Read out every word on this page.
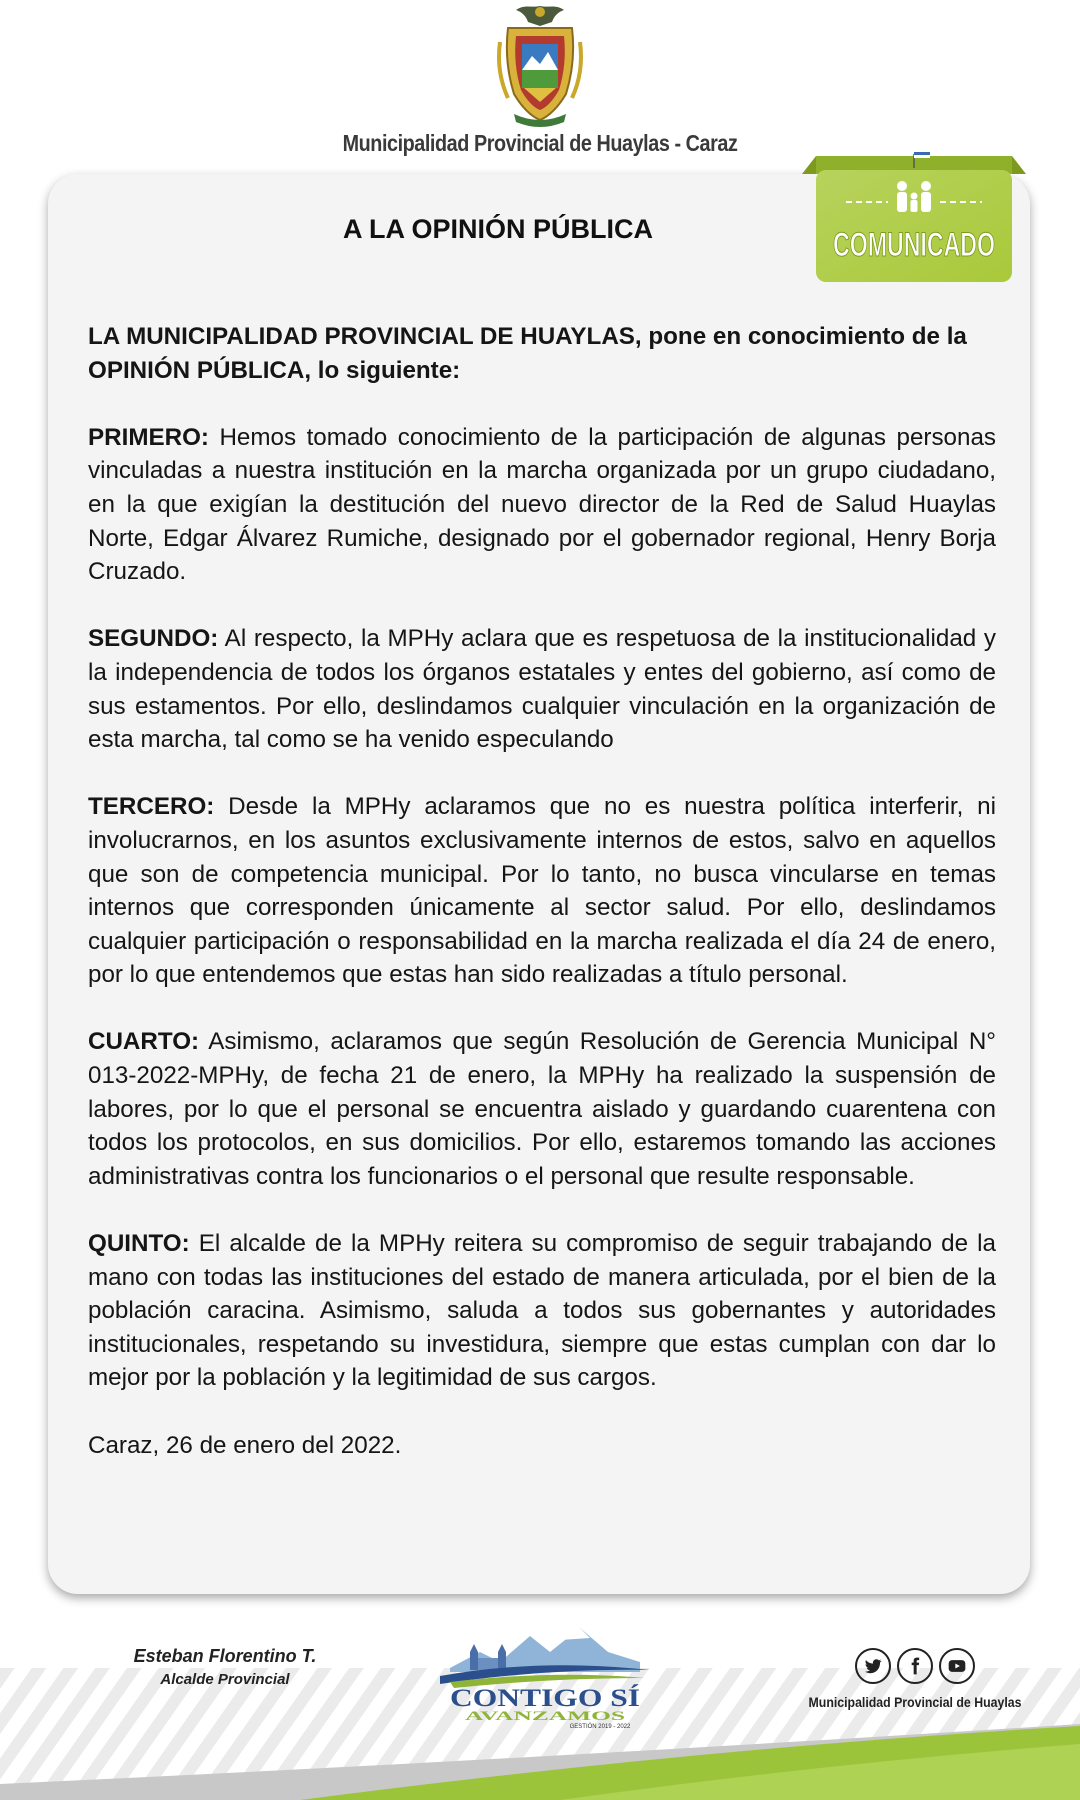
Municipalidad Provincial de Huaylas - Caraz
A LA OPINIÓN PÚBLICA	COMUNICADO

LA MUNICIPALIDAD PROVINCIAL DE HUAYLAS, pone en conocimiento de la OPINIÓN PÚBLICA, lo siguiente:

PRIMERO: Hemos tomado conocimiento de la participación de algunas personas vinculadas a nuestra institución en la marcha organizada por un grupo ciudadano, en la que exigían la destitución del nuevo director de la Red de Salud Huaylas Norte, Edgar Álvarez Rumiche, designado por el gobernador regional, Henry Borja Cruzado.

SEGUNDO: Al respecto, la MPHy aclara que es respetuosa de la institucionalidad y la independencia de todos los órganos estatales y entes del gobierno, así como de sus estamentos. Por ello, deslindamos cualquier vinculación en la organización de esta marcha, tal como se ha venido especulando

TERCERO: Desde la MPHy aclaramos que no es nuestra política interferir, ni involucrarnos, en los asuntos exclusivamente internos de estos, salvo en aquellos que son de competencia municipal. Por lo tanto, no busca vincularse en temas internos que corresponden únicamente al sector salud. Por ello, deslindamos cualquier participación o responsabilidad en la marcha realizada el día 24 de enero, por lo que entendemos que estas han sido realizadas a título personal.

CUARTO: Asimismo, aclaramos que según Resolución de Gerencia Municipal N° 013-2022-MPHy, de fecha 21 de enero, la MPHy ha realizado la suspensión de labores, por lo que el personal se encuentra aislado y guardando cuarentena con todos los protocolos, en sus domicilios. Por ello, estaremos tomando las acciones administrativas contra los funcionarios o el personal que resulte responsable.

QUINTO: El alcalde de la MPHy reitera su compromiso de seguir trabajando de la mano con todas las instituciones del estado de manera articulada, por el bien de la población caracina. Asimismo, saluda a todos sus gobernantes y autoridades institucionales, respetando su investidura, siempre que estas cumplan con dar lo mejor por la población y la legitimidad de sus cargos.

Caraz, 26 de enero del 2022.

Esteban Florentino T.
Alcalde Provincial
CONTIGO SÍ
AVANZAMOS
GESTIÓN 2019 - 2022
Municipalidad Provincial de Huaylas
